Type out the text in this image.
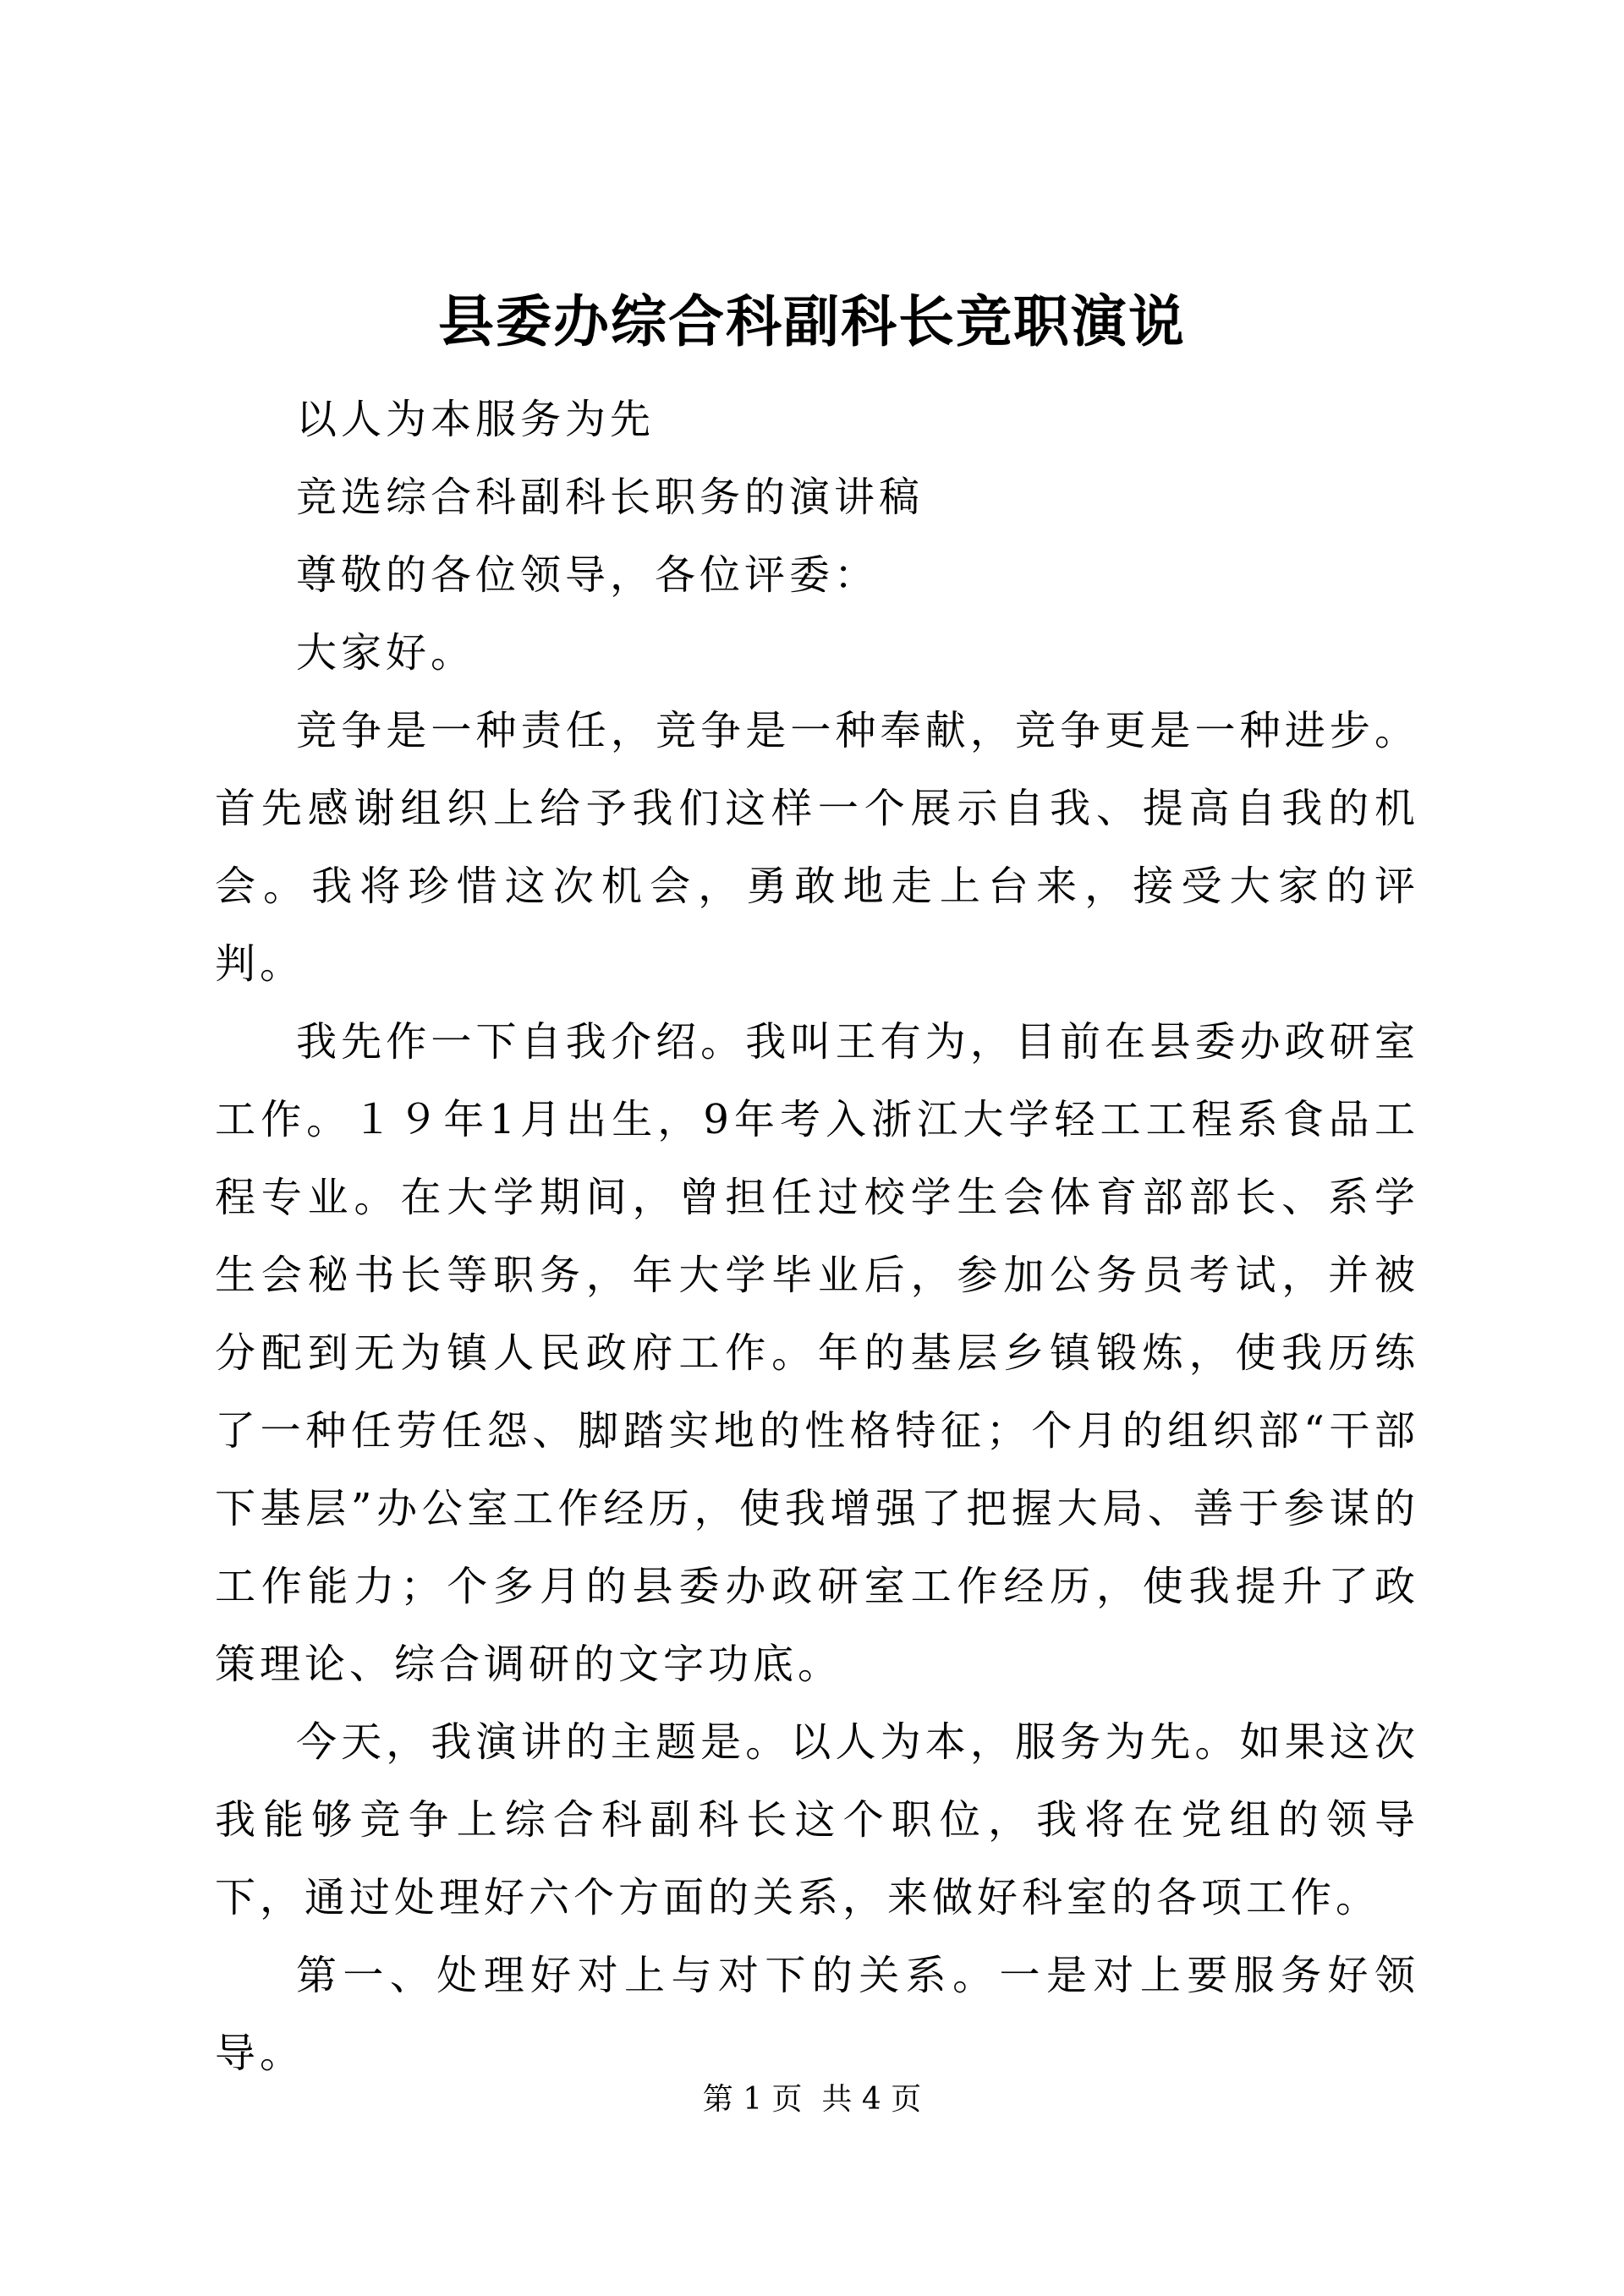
县委办综合科副科长竞职演说

以人为本服务为先

竞选综合科副科长职务的演讲稿

尊敬的各位领导，各位评委：

大家好。

竞争是一种责任，竞争是一种奉献，竞争更是一种进步。首先感谢组织上给予我们这样一个展示自我、提高自我的机会。我将珍惜这次机会，勇敢地走上台来，接受大家的评判。

我先作一下自我介绍。我叫王有为，目前在县委办政研室工作。１９年1月出生，9年考入浙江大学轻工工程系食品工程专业。在大学期间，曾担任过校学生会体育部部长、系学生会秘书长等职务，年大学毕业后，参加公务员考试，并被分配到无为镇人民政府工作。年的基层乡镇锻炼，使我历练了一种任劳任怨、脚踏实地的性格特征；个月的组织部“干部下基层”办公室工作经历，使我增强了把握大局、善于参谋的工作能力；个多月的县委办政研室工作经历，使我提升了政策理论、综合调研的文字功底。

今天，我演讲的主题是。以人为本，服务为先。如果这次我能够竞争上综合科副科长这个职位，我将在党组的领导下，通过处理好六个方面的关系，来做好科室的各项工作。

第一、处理好对上与对下的关系。一是对上要服务好领导。

第 1 页  共 4 页
